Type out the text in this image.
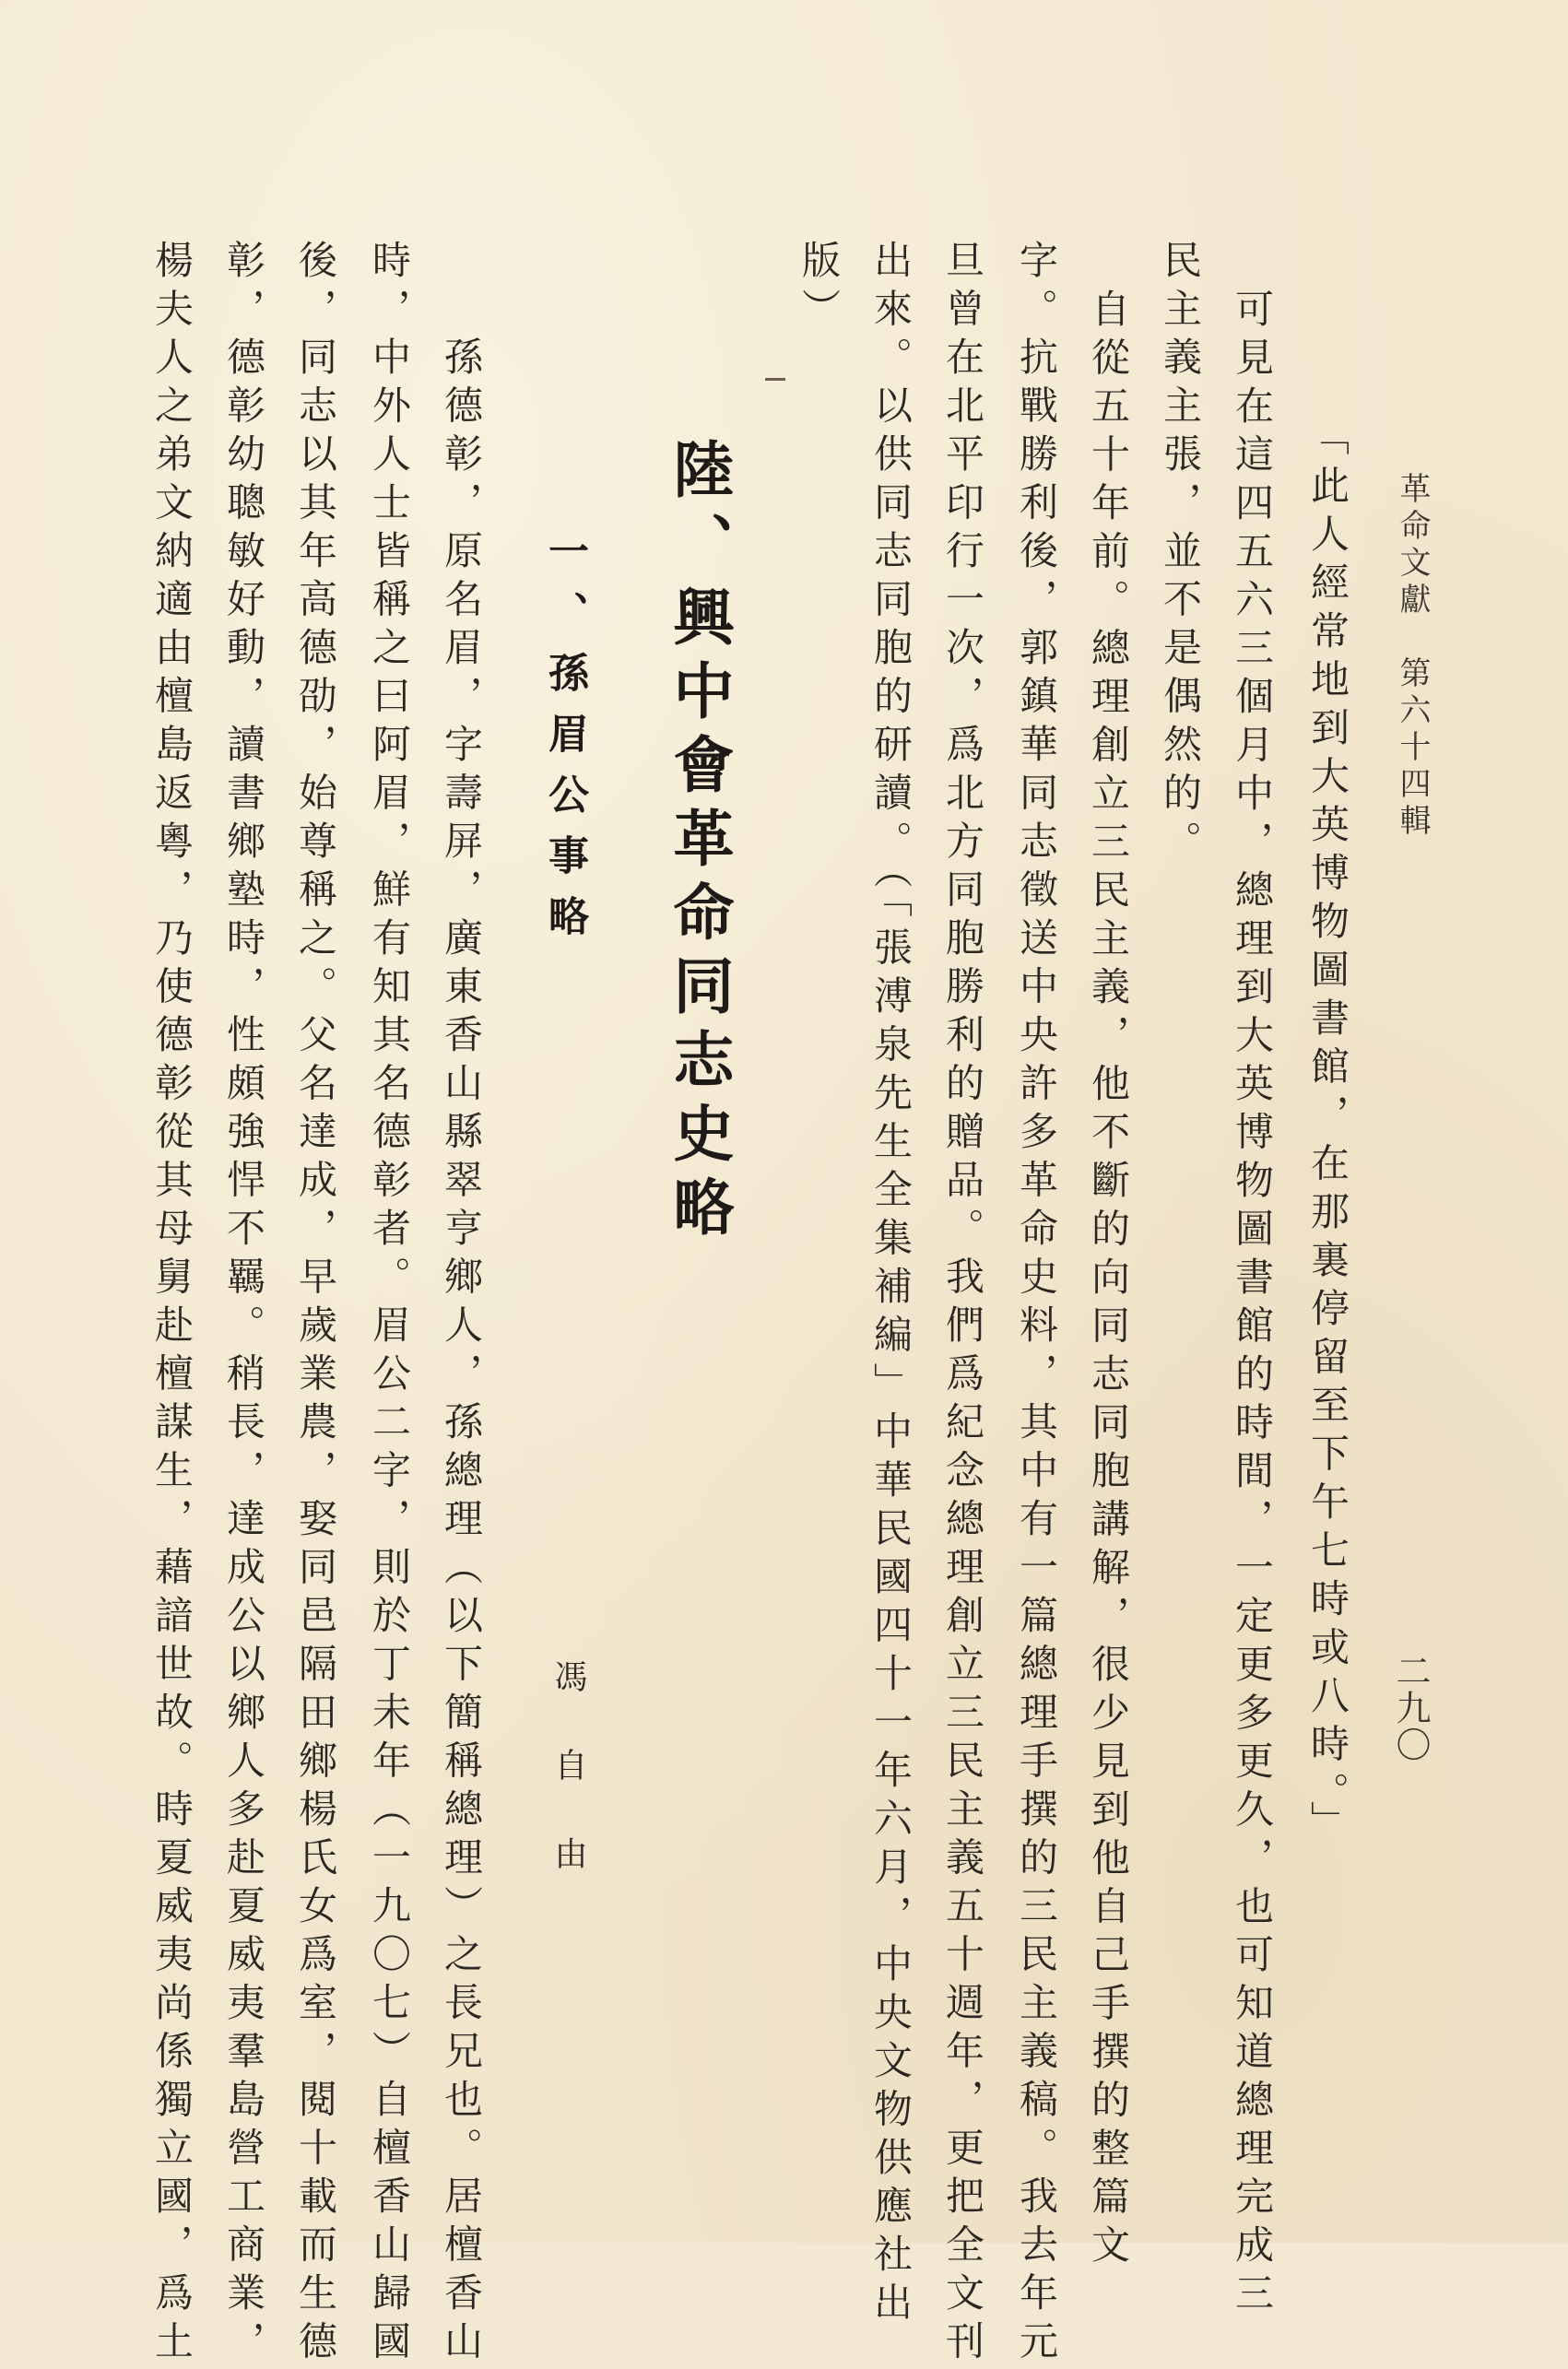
革命文獻　第六十四輯
二九〇
「此人經常地到大英博物圖書館，在那裏停留至下午七時或八時。」
可見在這四五六三個月中，總理到大英博物圖書館的時間，一定更多更久，也可知道總理完成三
民主義主張，並不是偶然的。
自從五十年前。總理創立三民主義，他不斷的向同志同胞講解，很少見到他自己手撰的整篇文
字。抗戰勝利後，郭鎮華同志徵送中央許多革命史料，其中有一篇總理手撰的三民主義稿。我去年元
旦曾在北平印行一次，爲北方同胞勝利的贈品。我們爲紀念總理創立三民主義五十週年，更把全文刊
出來。以供同志同胞的研讀。（「張溥泉先生全集補編」中華民國四十一年六月，中央文物供應社出
版）
陸、興中會革命同志史略
一、孫眉公事略
馮自由
孫德彰，原名眉，字壽屏，廣東香山縣翠亨鄉人，孫總理（以下簡稱總理）之長兄也。居檀香山
時，中外人士皆稱之曰阿眉，鮮有知其名德彰者。眉公二字，則於丁未年（一九〇七）自檀香山歸國
後，同志以其年高德劭，始尊稱之。父名達成，早歲業農，娶同邑隔田鄉楊氏女爲室，閱十載而生德
彰，德彰幼聰敏好動，讀書鄉塾時，性頗強悍不羈。稍長，達成公以鄉人多赴夏威夷羣島營工商業，
楊夫人之弟文納適由檀島返粵，乃使德彰從其母舅赴檀謀生，藉諳世故。時夏威夷尚係獨立國，爲土
